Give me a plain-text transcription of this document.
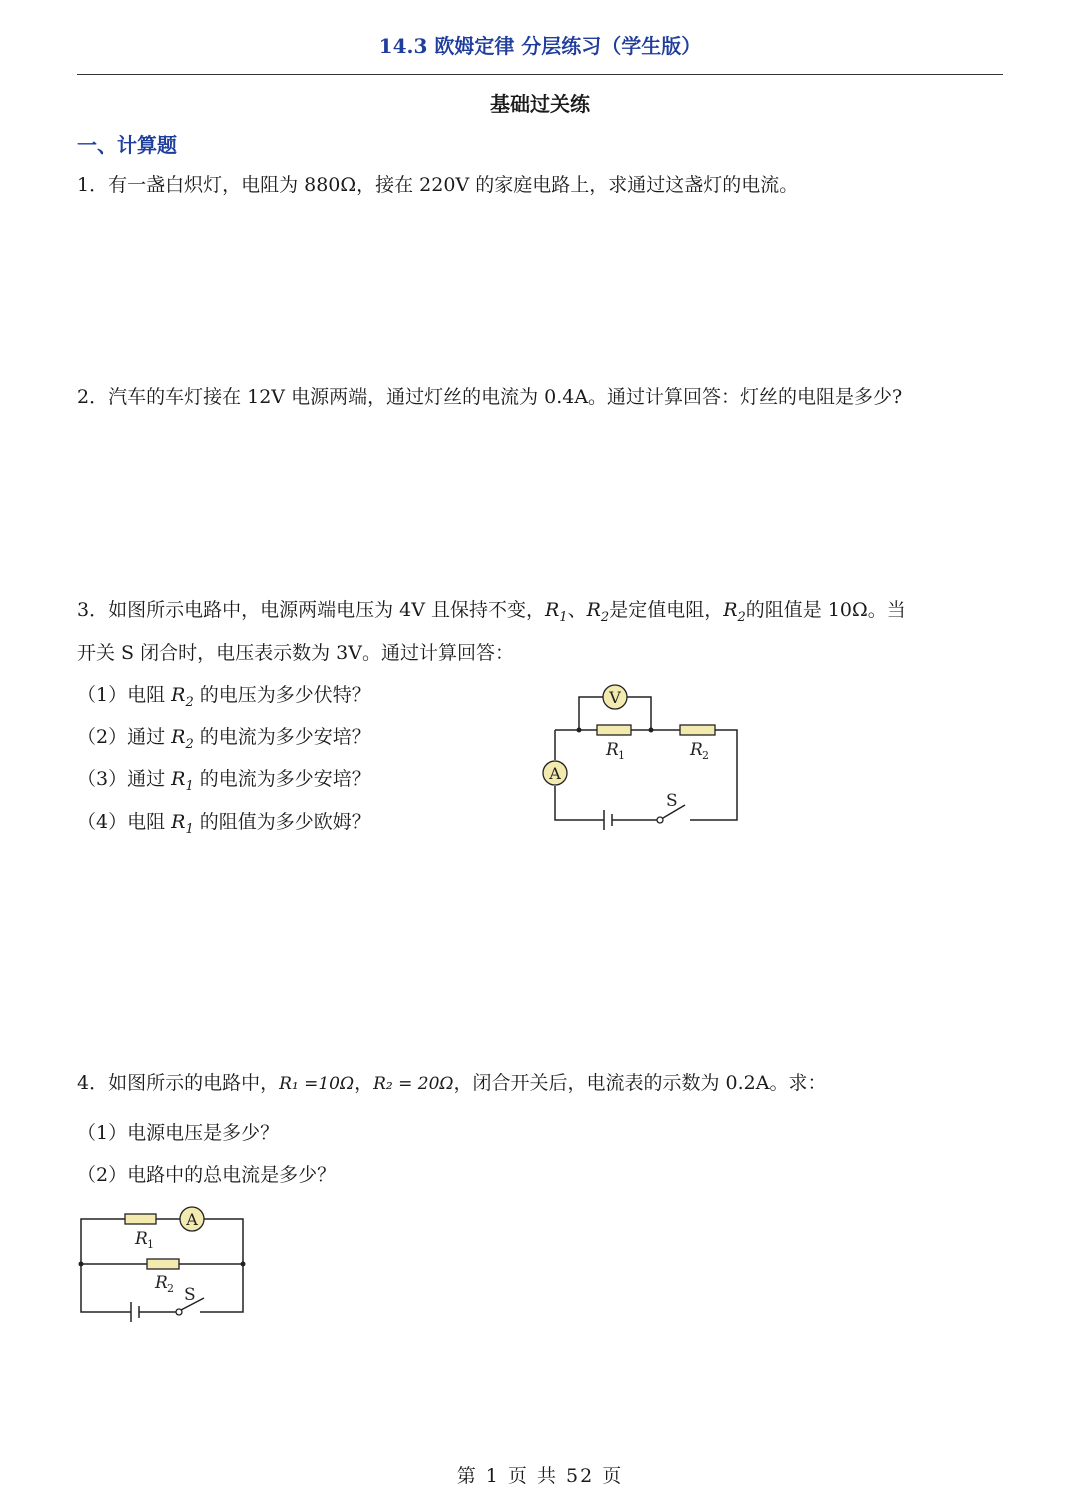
14.3 欧姆定律 分层练习（学生版）
基础过关练
一、计算题
1．有一盏白炽灯，电阻为 880Ω，接在 220V 的家庭电路上，求通过这盏灯的电流。
2．汽车的车灯接在 12V 电源两端，通过灯丝的电流为 0.4A。通过计算回答：灯丝的电阻是多少?
3．如图所示电路中，电源两端电压为 4V 且保持不变，$R_1$、$R_2$是定值电阻，$R_2$的阻值是 10Ω。当
开关 S 闭合时，电压表示数为 3V。通过计算回答：
（1）电阻 $R_2$ 的电压为多少伏特？
（2）通过 $R_2$ 的电流为多少安培？
（3）通过 $R_1$ 的电流为多少安培？
（4）电阻 $R_1$ 的阻值为多少欧姆？
V
A
R 1	R 2
S
4．如图所示的电路中，R₁ =10Ω，R₂ = 20Ω，闭合开关后，电流表的示数为 0.2A。求：
（1）电源电压是多少？
（2）电路中的总电流是多少？
A
R 1
R 2 S
第 1 页 共 52 页
